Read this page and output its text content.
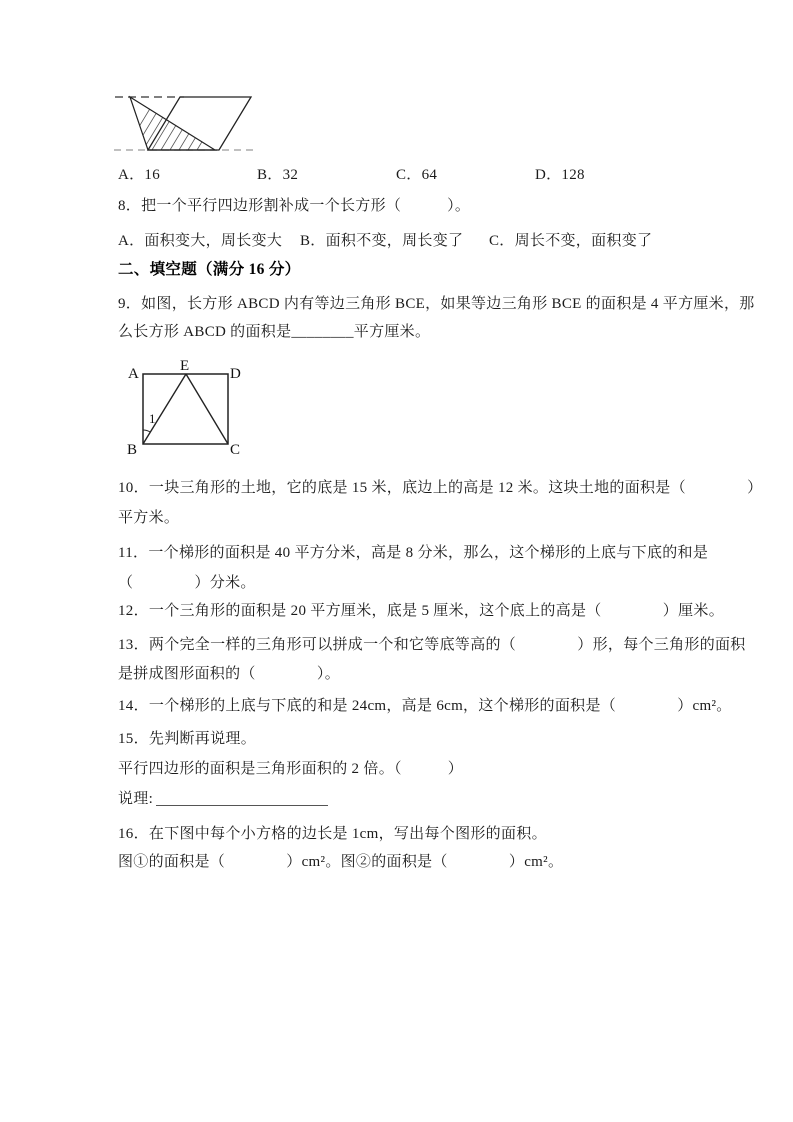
A．16	B．32	C．64	D．128
8．把一个平行四边形割补成一个长方形（　　　）。
A．面积变大，周长变大 B．面积不变，周长变了 C．周长不变，面积变了
二、填空题（满分 16 分）
9．如图，长方形 ABCD 内有等边三角形 BCE，如果等边三角形 BCE 的面积是 4 平方厘米，那
么长方形 ABCD 的面积是________平方厘米。
A	E	D
B	C
1
10．一块三角形的土地，它的底是 15 米，底边上的高是 12 米。这块土地的面积是（　　　　）
平方米。
11．一个梯形的面积是 40 平方分米，高是 8 分米，那么，这个梯形的上底与下底的和是
（　　　　）分米。
12．一个三角形的面积是 20 平方厘米，底是 5 厘米，这个底上的高是（　　　　）厘米。
13．两个完全一样的三角形可以拼成一个和它等底等高的（　　　　）形，每个三角形的面积
是拼成图形面积的（　　　　）。
14．一个梯形的上底与下底的和是 24cm，高是 6cm，这个梯形的面积是（　　　　）cm²。
15．先判断再说理。
平行四边形的面积是三角形面积的 2 倍。（　　　）
说理:
16．在下图中每个小方格的边长是 1cm，写出每个图形的面积。
图①的面积是（　　　　）cm²。图②的面积是（　　　　）cm²。
